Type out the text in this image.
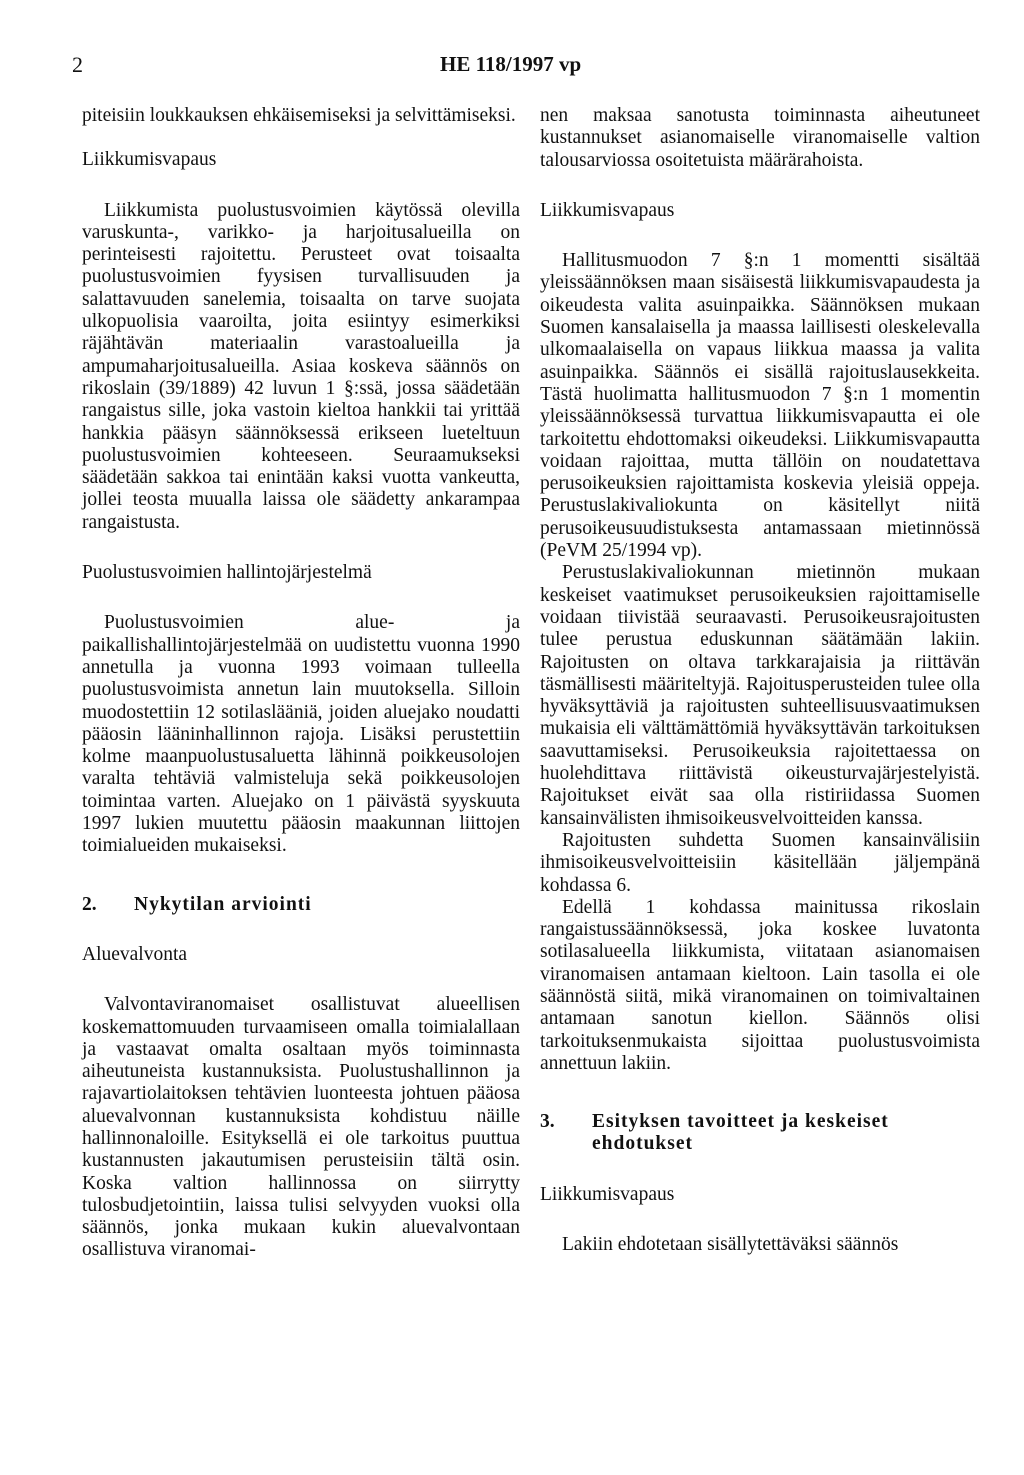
2	HE 118/1997 vp

piteisiin loukkauksen ehkäisemiseksi ja selvittämiseksi.

Liikkumisvapaus

Liikkumista puolustusvoimien käytössä olevilla varuskunta-, varikko- ja harjoitusalueilla on perinteisesti rajoitettu. Perusteet ovat toisaalta puolustusvoimien fyysisen turvallisuuden ja salattavuuden sanelemia, toisaalta on tarve suojata ulkopuolisia vaaroilta, joita esiintyy esimerkiksi räjähtävän materiaalin varastoalueilla ja ampumaharjoitusalueilla. Asiaa koskeva säännös on rikoslain (39/1889) 42 luvun 1 §:ssä, jossa säädetään rangaistus sille, joka vastoin kieltoa hankkii tai yrittää hankkia pääsyn säännöksessä erikseen lueteltuun puolustusvoimien kohteeseen. Seuraamukseksi säädetään sakkoa tai enintään kaksi vuotta vankeutta, jollei teosta muualla laissa ole säädetty ankarampaa rangaistusta.

Puolustusvoimien hallintojärjestelmä

Puolustusvoimien alue- ja paikallishallintojärjestelmää on uudistettu vuonna 1990 annetulla ja vuonna 1993 voimaan tulleella puolustusvoimista annetun lain muutoksella. Silloin muodostettiin 12 sotilaslääniä, joiden aluejako noudatti pääosin lääninhallinnon rajoja. Lisäksi perustettiin kolme maanpuolustusaluetta lähinnä poikkeusolojen varalta tehtäviä valmisteluja sekä poikkeusolojen toimintaa varten. Aluejako on 1 päivästä syyskuuta 1997 lukien muutettu pääosin maakunnan liittojen toimialueiden mukaiseksi.

2.	Nykytilan arviointi

Aluevalvonta

Valvontaviranomaiset osallistuvat alueellisen koskemattomuuden turvaamiseen omalla toimialallaan ja vastaavat omalta osaltaan myös toiminnasta aiheutuneista kustannuksista. Puolustushallinnon ja rajavartiolaitoksen tehtävien luonteesta johtuen pääosa aluevalvonnan kustannuksista kohdistuu näille hallinnonaloille. Esityksellä ei ole tarkoitus puuttua kustannusten jakautumisen perusteisiin tältä osin. Koska valtion hallinnossa on siirrytty tulosbudjetointiin, laissa tulisi selvyyden vuoksi olla säännös, jonka mukaan kukin aluevalvontaan osallistuva viranomai-

nen maksaa sanotusta toiminnasta aiheutuneet kustannukset asianomaiselle viranomaiselle valtion talousarviossa osoitetuista määrärahoista.

Liikkumisvapaus

Hallitusmuodon 7 §:n 1 momentti sisältää yleissäännöksen maan sisäisestä liikkumisvapaudesta ja oikeudesta valita asuinpaikka. Säännöksen mukaan Suomen kansalaisella ja maassa laillisesti oleskelevalla ulkomaalaisella on vapaus liikkua maassa ja valita asuinpaikka. Säännös ei sisällä rajoituslausekkeita. Tästä huolimatta hallitusmuodon 7 §:n 1 momentin yleissäännöksessä turvattua liikkumisvapautta ei ole tarkoitettu ehdottomaksi oikeudeksi. Liikkumisvapautta voidaan rajoittaa, mutta tällöin on noudatettava perusoikeuksien rajoittamista koskevia yleisiä oppeja. Perustuslakivaliokunta on käsitellyt niitä perusoikeusuudistuksesta antamassaan mietinnössä (PeVM 25/1994 vp).

Perustuslakivaliokunnan mietinnön mukaan keskeiset vaatimukset perusoikeuksien rajoittamiselle voidaan tiivistää seuraavasti. Perusoikeusrajoitusten tulee perustua eduskunnan säätämään lakiin. Rajoitusten on oltava tarkkarajaisia ja riittävän täsmällisesti määriteltyjä. Rajoitusperusteiden tulee olla hyväksyttäviä ja rajoitusten suhteellisuusvaatimuksen mukaisia eli välttämättömiä hyväksyttävän tarkoituksen saavuttamiseksi. Perusoikeuksia rajoitettaessa on huolehdittava riittävistä oikeusturvajärjestelyistä. Rajoitukset eivät saa olla ristiriidassa Suomen kansainvälisten ihmisoikeusvelvoitteiden kanssa.

Rajoitusten suhdetta Suomen kansainvälisiin ihmisoikeusvelvoitteisiin käsitellään jäljempänä kohdassa 6.

Edellä 1 kohdassa mainitussa rikoslain rangaistussäännöksessä, joka koskee luvatonta sotilasalueella liikkumista, viitataan asianomaisen viranomaisen antamaan kieltoon. Lain tasolla ei ole säännöstä siitä, mikä viranomainen on toimivaltainen antamaan sanotun kiellon. Säännös olisi tarkoituksenmukaista sijoittaa puolustusvoimista annettuun lakiin.

3.	Esityksen tavoitteet ja keskeiset ehdotukset

Liikkumisvapaus

Lakiin ehdotetaan sisällytettäväksi säännös
